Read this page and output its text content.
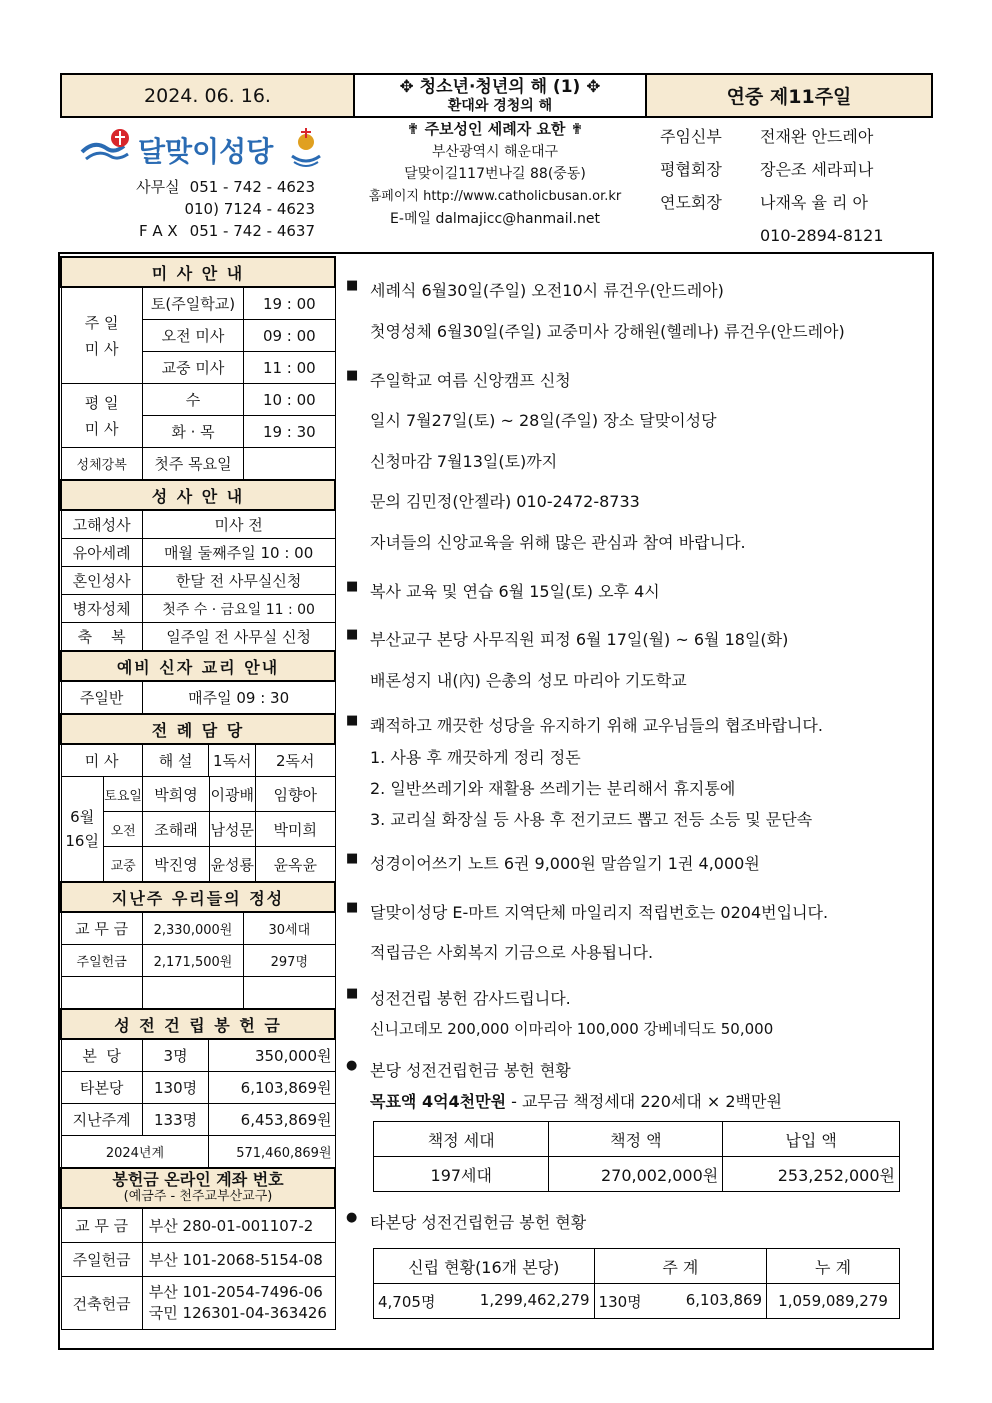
2024. 06. 16.	✥ 청소년·청년의 해 (1) ✥
환대와 경청의 해	연중 제11주일
달맞이성당
사무실 051 - 742 - 4623
010) 7124 - 4623
F A X 051 - 742 - 4637
✟ 주보성인 세례자 요한 ✟
부산광역시 해운대구
달맞이길117번나길 88(중동)
홈페이지 http://www.catholicbusan.or.kr
E-메일 dalmajicc@hanmail.net
주임신부	전재완 안드레아
평협회장	장은조 세라피나
연도회장	나재옥 율 리 아
010-2894-8121
미 사 안 내
주 일
미 사	토(주일학교)	19 : 00
오전 미사	09 : 00
교중 미사	11 : 00
평 일
미 사	수	10 : 00
화 · 목	19 : 30
성체강복	첫주 목요일	
성 사 안 내
고해성사	미사 전
유아세례	매월 둘째주일 10 : 00
혼인성사	한달 전 사무실신청
병자성체	첫주 수 · 금요일 11 : 00
축    복	일주일 전 사무실 신청
예비 신자 교리 안내
주일반	매주일 09 : 30
전 례 담 당
미 사	해 설	1독서	2독서

6월
16일	토요일	박희영	이광배	임향아
오전	조해래	남성문	박미희
교중	박진영	윤성룡	윤옥윤

지난주 우리들의 정성
교 무 금	2,330,000원	30세대
주일헌금	2,171,500원	297명

성 전 건 립 봉 헌 금
본  당	3명	350,000원
타본당	130명	6,103,869원
지난주계	133명	6,453,869원
2024년계	571,460,869원

봉헌금 온라인 계좌 번호
(예금주 - 천주교부산교구)

교 무 금	부산 280-01-001107-2
주일헌금	부산 101-2068-5154-08
건축헌금	
부산 101-2054-7496-06
국민 126301-04-363426
■ 세례식 6월30일(주일) 오전10시 류건우(안드레아)
첫영성체 6월30일(주일) 교중미사 강해원(헬레나) 류건우(안드레아)
■ 주일학교 여름 신앙캠프 신청
일시 7월27일(토) ~ 28일(주일) 장소 달맞이성당
신청마감 7월13일(토)까지
문의 김민정(안젤라) 010-2472-8733
자녀들의 신앙교육을 위해 많은 관심과 참여 바랍니다.
■ 복사 교육 및 연습 6월 15일(토) 오후 4시
■ 부산교구 본당 사무직원 피정 6월 17일(월) ~ 6월 18일(화)
배론성지 내(內) 은총의 성모 마리아 기도학교
■ 쾌적하고 깨끗한 성당을 유지하기 위해 교우님들의 협조바랍니다.
1. 사용 후 깨끗하게 정리 정돈
2. 일반쓰레기와 재활용 쓰레기는 분리해서 휴지통에
3. 교리실 화장실 등 사용 후 전기코드 뽑고 전등 소등 및 문단속
■ 성경이어쓰기 노트 6권 9,000원 말씀일기 1권 4,000원
■ 달맞이성당 E-마트 지역단체 마일리지 적립번호는 0204번입니다.
적립금은 사회복지 기금으로 사용됩니다.
■ 성전건립 봉헌 감사드립니다.
신니고데모 200,000 이마리아 100,000 강베네딕도 50,000
● 본당 성전건립헌금 봉헌 현황
목표액 4억4천만원 - 교무금 책정세대 220세대 × 2백만원
● 타본당 성전건립헌금 봉헌 현황
책정 세대	책정 액	납입 액
197세대	270,002,000원	253,252,000원
신립 현황(16개 본당)	주 계	누 계

4,705명 1,299,462,279	130명 6,103,869	1,059,089,279
